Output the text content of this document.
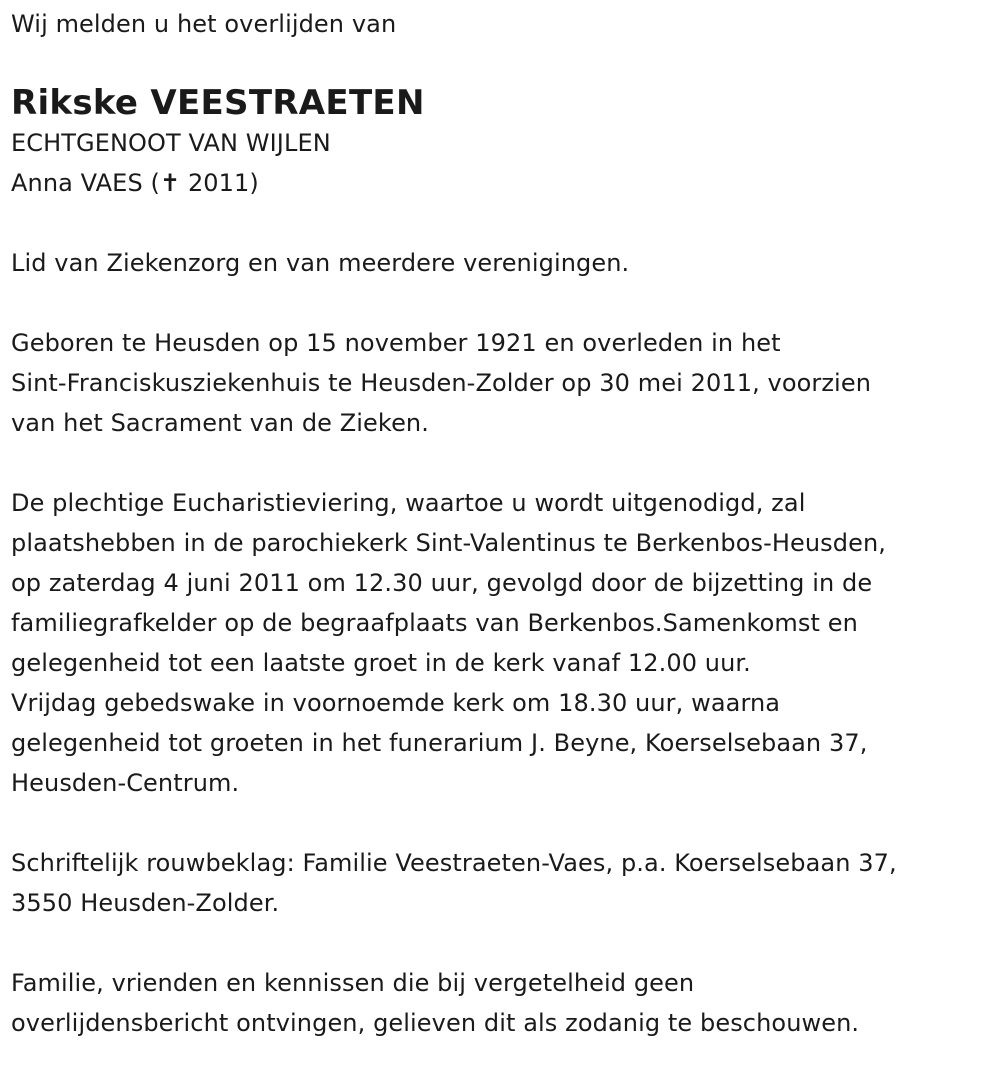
Wij melden u het overlijden van
Rikske VEESTRAETEN
ECHTGENOOT VAN WIJLEN
Anna VAES (✝ 2011)
Lid van Ziekenzorg en van meerdere verenigingen.
Geboren te Heusden op 15 november 1921 en overleden in het
Sint-Franciskusziekenhuis te Heusden-Zolder op 30 mei 2011, voorzien
van het Sacrament van de Zieken.
De plechtige Eucharistieviering, waartoe u wordt uitgenodigd, zal
plaatshebben in de parochiekerk Sint-Valentinus te Berkenbos-Heusden,
op zaterdag 4 juni 2011 om 12.30 uur, gevolgd door de bijzetting in de
familiegrafkelder op de begraafplaats van Berkenbos.Samenkomst en
gelegenheid tot een laatste groet in de kerk vanaf 12.00 uur.
Vrijdag gebedswake in voornoemde kerk om 18.30 uur, waarna
gelegenheid tot groeten in het funerarium J. Beyne, Koerselsebaan 37,
Heusden-Centrum.
Schriftelijk rouwbeklag: Familie Veestraeten-Vaes, p.a. Koerselsebaan 37,
3550 Heusden-Zolder.
Familie, vrienden en kennissen die bij vergetelheid geen
overlijdensbericht ontvingen, gelieven dit als zodanig te beschouwen.
